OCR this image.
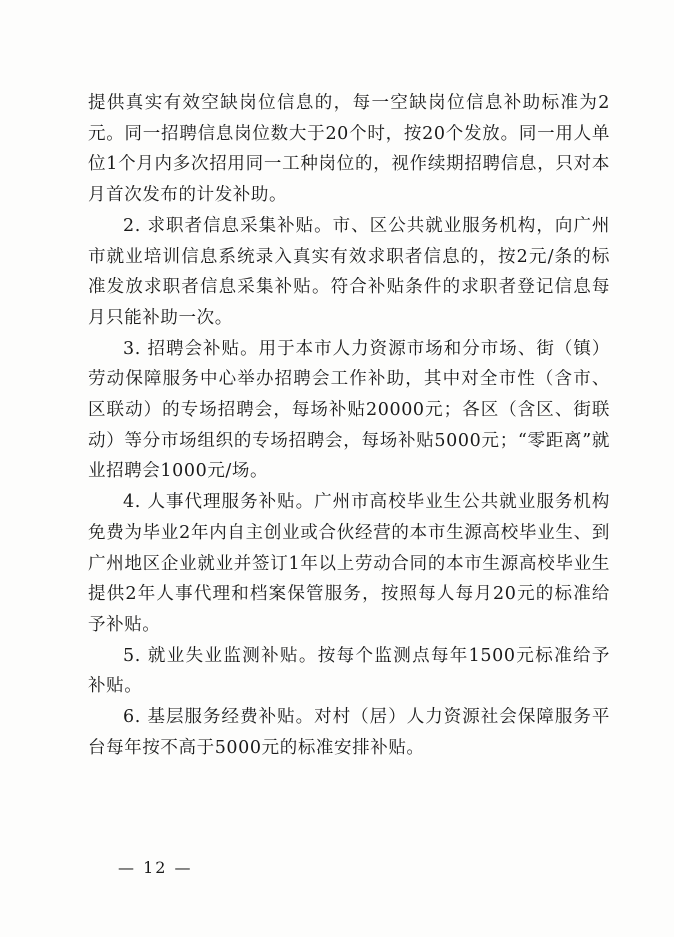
提供真实有效空缺岗位信息的，每一空缺岗位信息补助标准为2元。同一招聘信息岗位数大于20个时，按20个发放。同一用人单位1个月内多次招用同一工种岗位的，视作续期招聘信息，只对本月首次发布的计发补助。

2. 求职者信息采集补贴。市、区公共就业服务机构，向广州市就业培训信息系统录入真实有效求职者信息的，按2元/条的标准发放求职者信息采集补贴。符合补贴条件的求职者登记信息每月只能补助一次。

3. 招聘会补贴。用于本市人力资源市场和分市场、街（镇）劳动保障服务中心举办招聘会工作补助，其中对全市性（含市、区联动）的专场招聘会，每场补贴20000元；各区（含区、街联动）等分市场组织的专场招聘会，每场补贴5000元；“零距离”就业招聘会1000元/场。

4. 人事代理服务补贴。广州市高校毕业生公共就业服务机构免费为毕业2年内自主创业或合伙经营的本市生源高校毕业生、到广州地区企业就业并签订1年以上劳动合同的本市生源高校毕业生提供2年人事代理和档案保管服务，按照每人每月20元的标准给予补贴。

5. 就业失业监测补贴。按每个监测点每年1500元标准给予补贴。

6. 基层服务经费补贴。对村（居）人力资源社会保障服务平台每年按不高于5000元的标准安排补贴。

— 12 —
